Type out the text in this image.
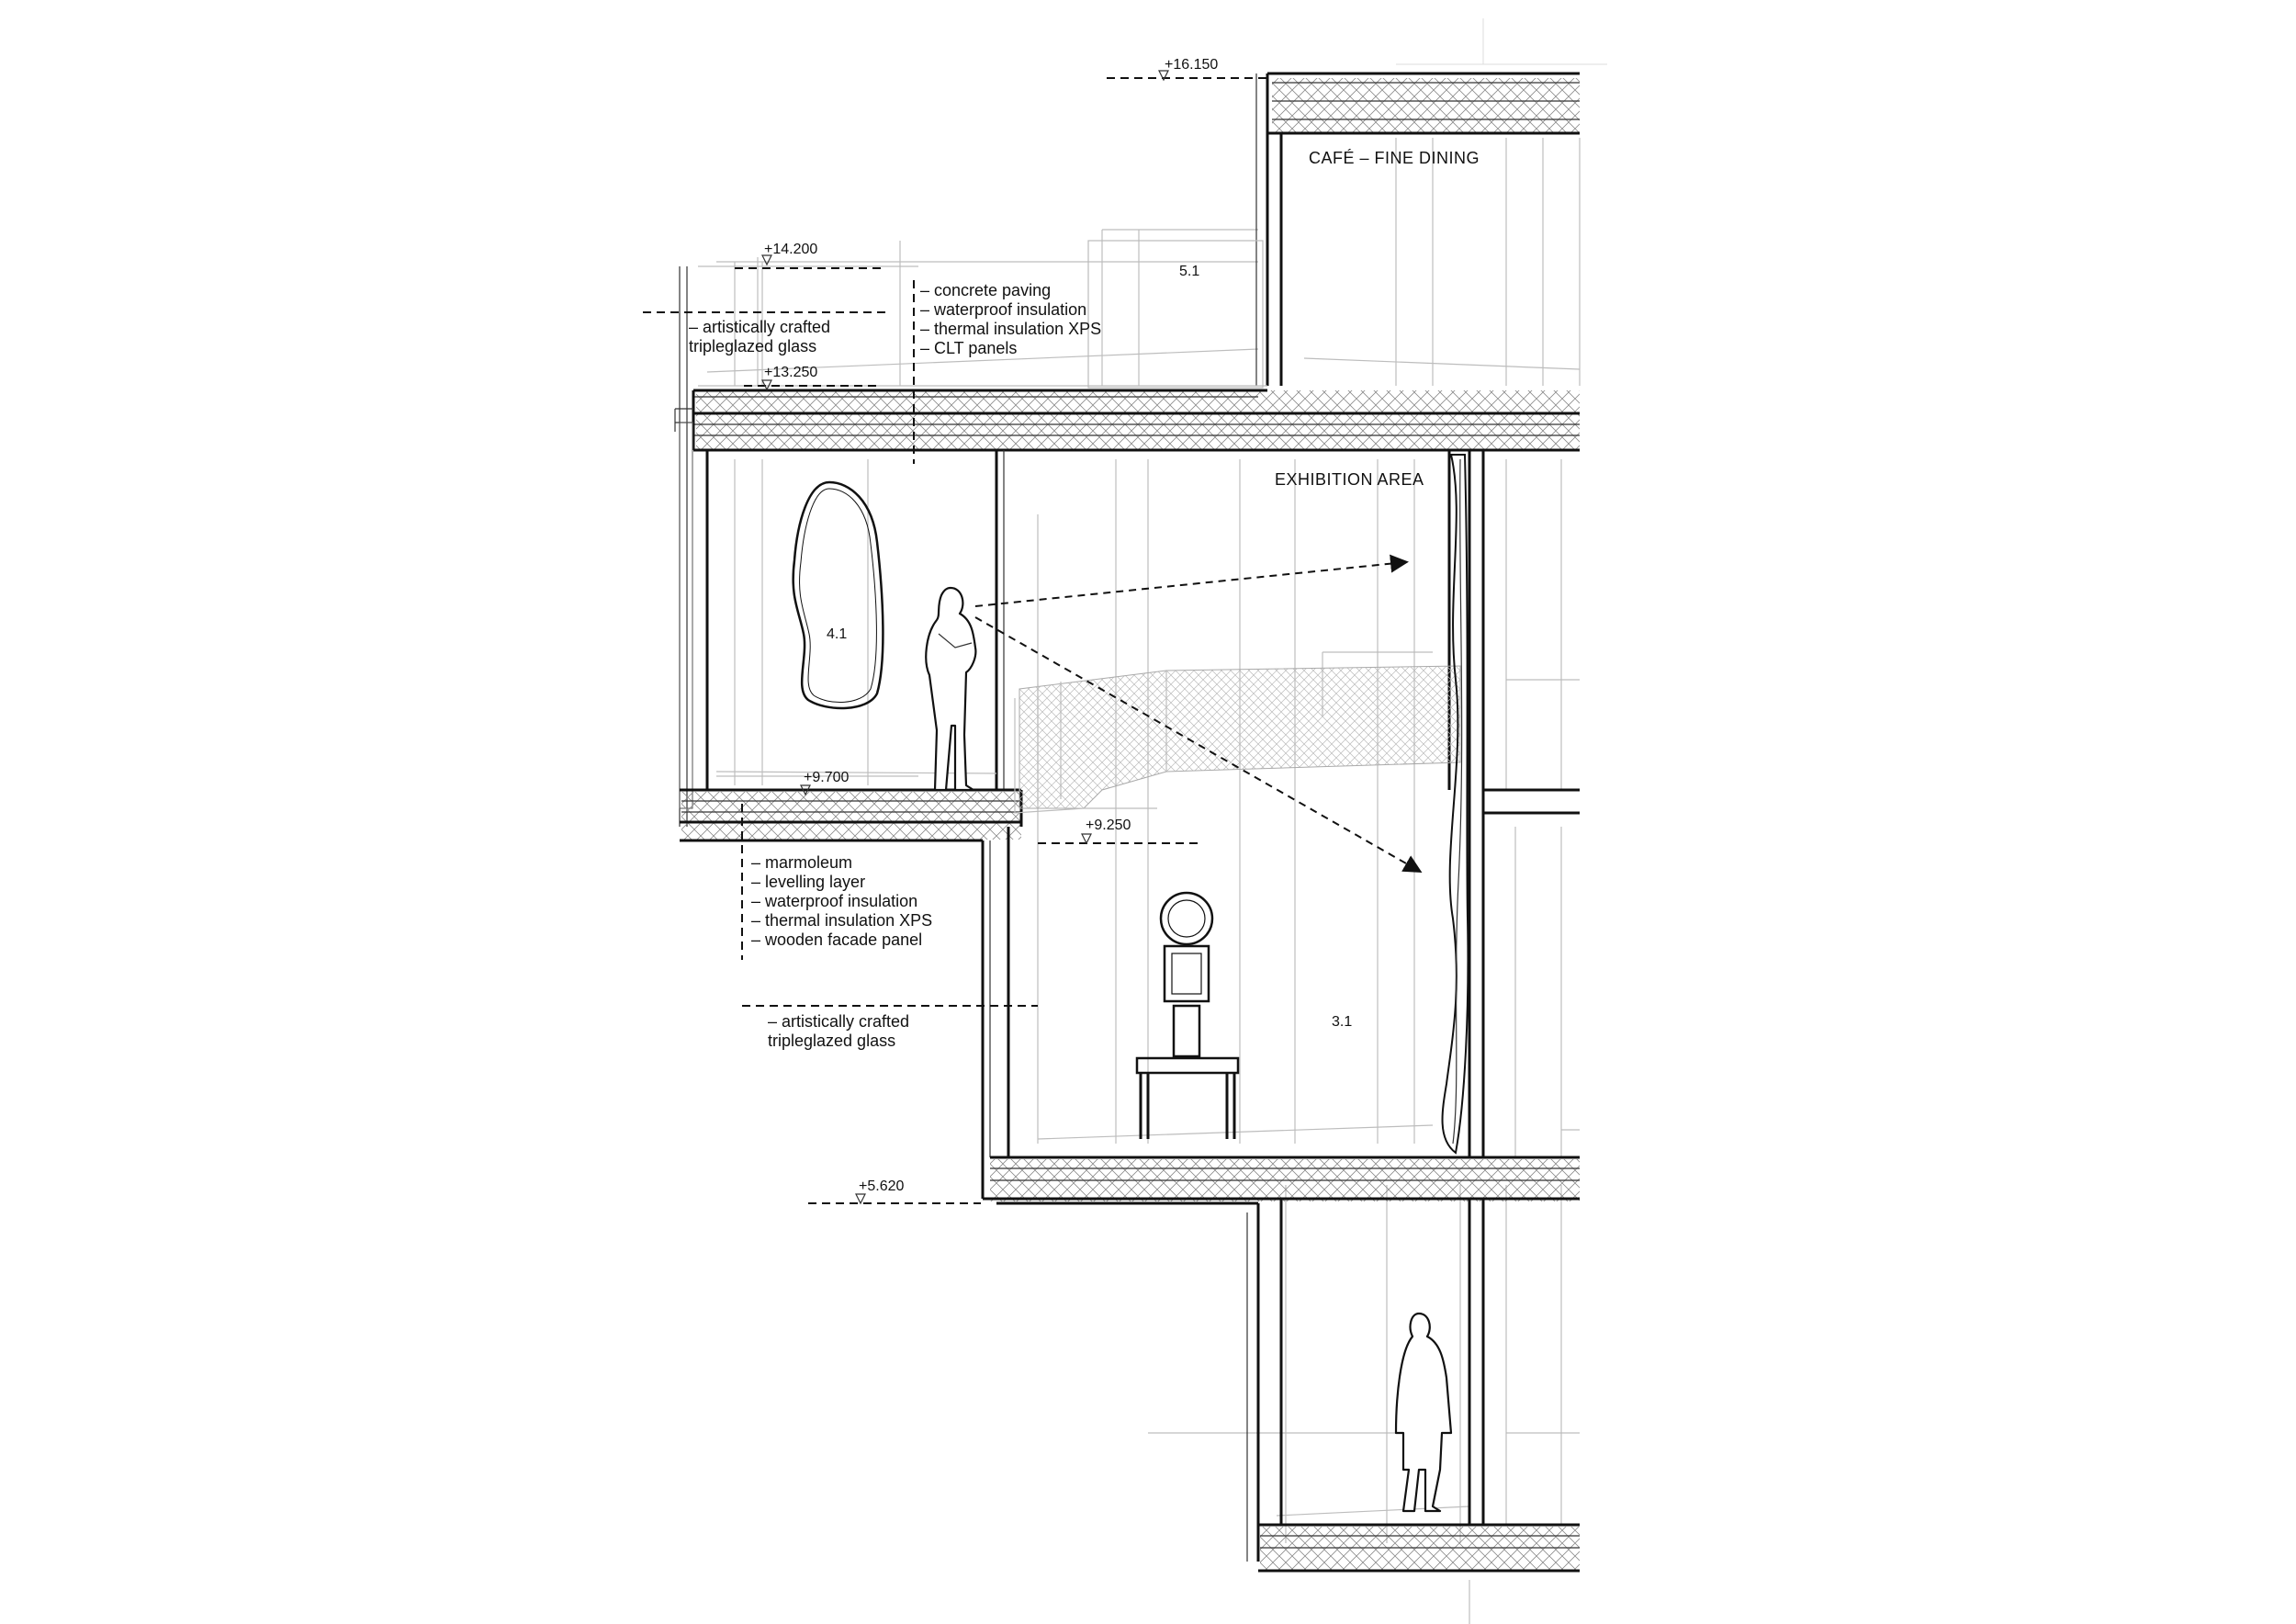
+16.150
+14.200
+13.250
+9.700
+9.250
+5.620
CAFÉ – FINE DINING
EXHIBITION AREA
5.1
4.1
3.1
– artistically crafted
tripleglazed glass
– concrete paving
– waterproof insulation
– thermal insulation XPS
– CLT panels
– marmoleum
– levelling layer
– waterproof insulation
– thermal insulation XPS
– wooden facade panel
– artistically crafted
tripleglazed glass
